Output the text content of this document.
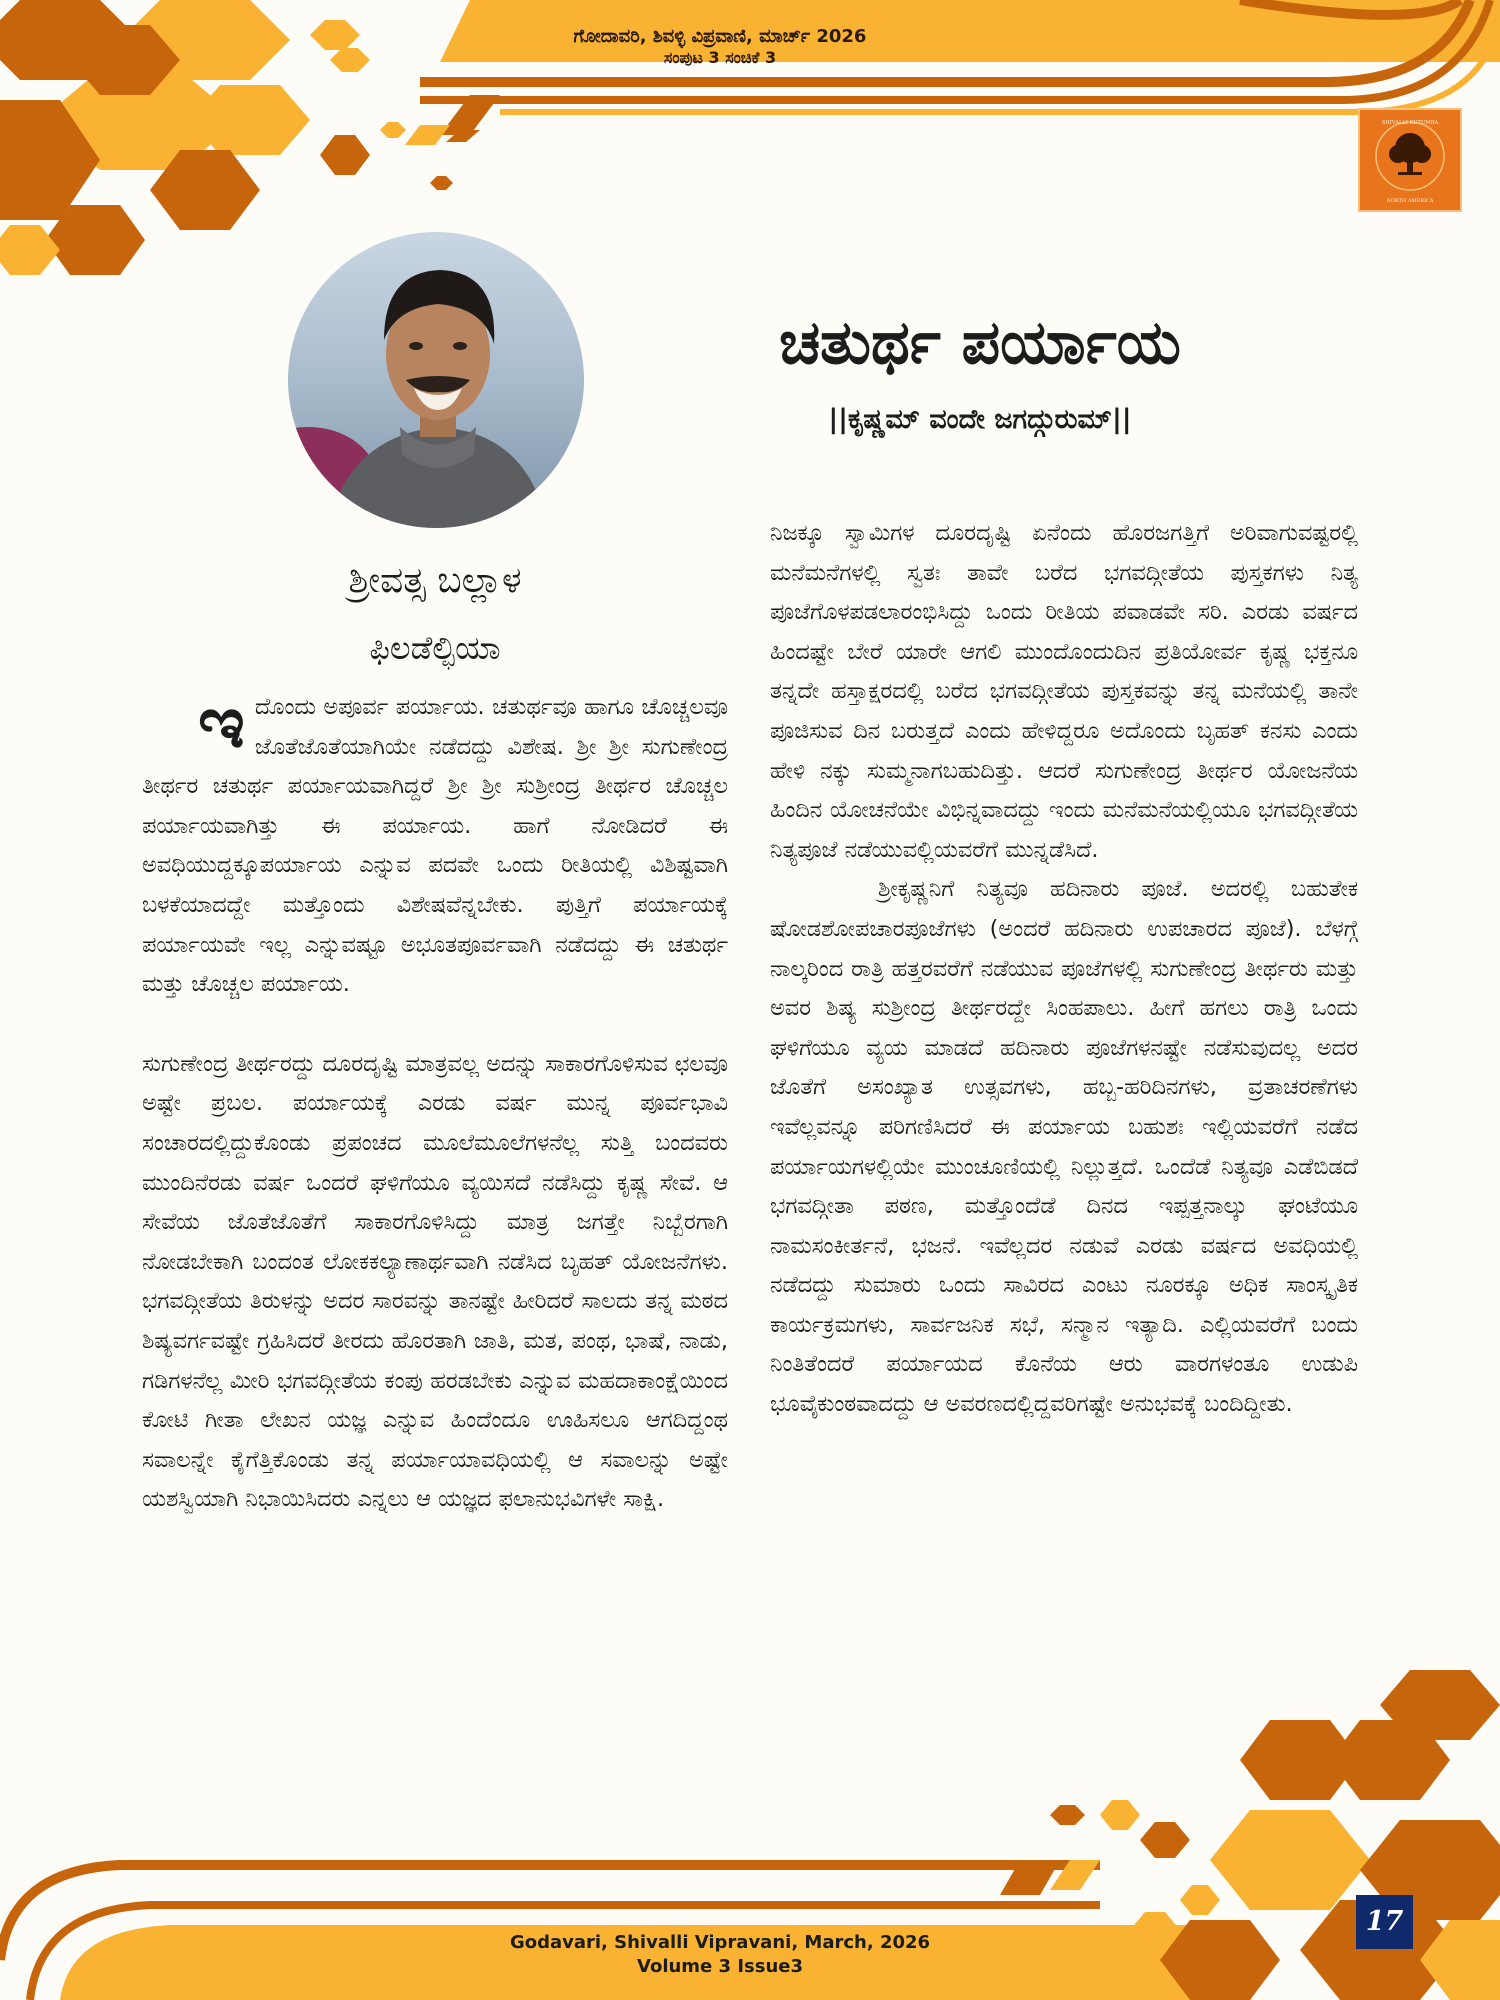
ಗೋದಾವರಿ, ಶಿವಳ್ಳಿ ವಿಪ್ರವಾಣಿ, ಮಾರ್ಚ್ 2026
ಸಂಪುಟ 3 ಸಂಚಿಕೆ 3
NORTH AMERICA
SHIVALLI KUTUMBA
ಚತುರ್ಥ ಪರ್ಯಾಯ
||ಕೃಷ್ಣಮ್ ವಂದೇ ಜಗದ್ಗುರುಮ್||
ಶ್ರೀವತ್ಸ ಬಲ್ಲಾಳ
ಫಿಲಡೆಲ್ಫಿಯಾ

ಇದೊಂದು ಅಪೂರ್ವ ಪರ್ಯಾಯ. ಚತುರ್ಥವೂ ಹಾಗೂ ಚೊಚ್ಚಲವೂ ಜೊತೆಜೊತೆಯಾಗಿಯೇ ನಡೆದದ್ದು ವಿಶೇಷ. ಶ್ರೀ ಶ್ರೀ ಸುಗುಣೇಂದ್ರ ತೀರ್ಥರ ಚತುರ್ಥ ಪರ್ಯಾಯವಾಗಿದ್ದರೆ ಶ್ರೀ ಶ್ರೀ ಸುಶ್ರೀಂದ್ರ ತೀರ್ಥರ ಚೊಚ್ಚಲ ಪರ್ಯಾಯವಾಗಿತ್ತು ಈ ಪರ್ಯಾಯ. ಹಾಗೆ ನೋಡಿದರೆ ಈ ಅವಧಿಯುದ್ದಕ್ಕೂಪರ್ಯಾಯ ಎನ್ನುವ ಪದವೇ ಒಂದು ರೀತಿಯಲ್ಲಿ ವಿಶಿಷ್ಟವಾಗಿ ಬಳಕೆಯಾದದ್ದೇ ಮತ್ತೊಂದು ವಿಶೇಷವೆನ್ನಬೇಕು. ಪುತ್ತಿಗೆ ಪರ್ಯಾಯಕ್ಕೆ ಪರ್ಯಾಯವೇ ಇಲ್ಲ ಎನ್ನುವಷ್ಟೂ ಅಭೂತಪೂರ್ವವಾಗಿ ನಡೆದದ್ದು ಈ ಚತುರ್ಥ ಮತ್ತು ಚೊಚ್ಚಲ ಪರ್ಯಾಯ.

ಸುಗುಣೇಂದ್ರ ತೀರ್ಥರದ್ದು ದೂರದೃಷ್ಟಿ ಮಾತ್ರವಲ್ಲ ಅದನ್ನು ಸಾಕಾರಗೊಳಿಸುವ ಛಲವೂ ಅಷ್ಟೇ ಪ್ರಬಲ. ಪರ್ಯಾಯಕ್ಕೆ ಎರಡು ವರ್ಷ ಮುನ್ನ ಪೂರ್ವಭಾವಿ ಸಂಚಾರದಲ್ಲಿದ್ದುಕೊಂಡು ಪ್ರಪಂಚದ ಮೂಲೆಮೂಲೆಗಳನೆಲ್ಲ ಸುತ್ತಿ ಬಂದವರು ಮುಂದಿನೆರಡು ವರ್ಷ ಒಂದರೆ ಘಳಿಗೆಯೂ ವ್ಯಯಿಸದೆ ನಡೆಸಿದ್ದು ಕೃಷ್ಣ ಸೇವೆ. ಆ ಸೇವೆಯ ಜೊತೆಜೊತೆಗೆ ಸಾಕಾರಗೊಳಿಸಿದ್ದು ಮಾತ್ರ ಜಗತ್ತೇ ನಿಬ್ಬೆರಗಾಗಿ ನೋಡಬೇಕಾಗಿ ಬಂದಂತ ಲೋಕಕಲ್ಯಾಣಾರ್ಥವಾಗಿ ನಡೆಸಿದ ಬೃಹತ್ ಯೋಜನೆಗಳು. ಭಗವದ್ಗೀತೆಯ ತಿರುಳನ್ನು ಅದರ ಸಾರವನ್ನು ತಾನಷ್ಟೇ ಹೀರಿದರೆ ಸಾಲದು ತನ್ನ ಮಠದ ಶಿಷ್ಯವರ್ಗವಷ್ಟೇ ಗ್ರಹಿಸಿದರೆ ತೀರದು ಹೊರತಾಗಿ ಜಾತಿ, ಮತ, ಪಂಥ, ಭಾಷೆ, ನಾಡು, ಗಡಿಗಳನೆಲ್ಲ ಮೀರಿ ಭಗವದ್ಗೀತೆಯ ಕಂಪು ಹರಡಬೇಕು ಎನ್ನುವ ಮಹದಾಕಾಂಕ್ಷೆಯಿಂದ ಕೋಟಿ ಗೀತಾ ಲೇಖನ ಯಜ್ಞ ಎನ್ನುವ ಹಿಂದೆಂದೂ ಊಹಿಸಲೂ ಆಗದಿದ್ದಂಥ ಸವಾಲನ್ನೇ ಕೈಗೆತ್ತಿಕೊಂಡು ತನ್ನ ಪರ್ಯಾಯಾವಧಿಯಲ್ಲಿ ಆ ಸವಾಲನ್ನು ಅಷ್ಟೇ ಯಶಸ್ವಿಯಾಗಿ ನಿಭಾಯಿಸಿದರು ಎನ್ನಲು ಆ ಯಜ್ಞದ ಫಲಾನುಭವಿಗಳೇ ಸಾಕ್ಷಿ.

ನಿಜಕ್ಕೂ ಸ್ವಾಮಿಗಳ ದೂರದೃಷ್ಟಿ ಏನೆಂದು ಹೊರಜಗತ್ತಿಗೆ ಅರಿವಾಗುವಷ್ಟರಲ್ಲಿ ಮನೆಮನೆಗಳಲ್ಲಿ ಸ್ವತಃ ತಾವೇ ಬರೆದ ಭಗವದ್ಗೀತೆಯ ಪುಸ್ತಕಗಳು ನಿತ್ಯ ಪೂಜೆಗೊಳಪಡಲಾರಂಭಿಸಿದ್ದು ಒಂದು ರೀತಿಯ ಪವಾಡವೇ ಸರಿ. ಎರಡು ವರ್ಷದ ಹಿಂದಷ್ಟೇ ಬೇರೆ ಯಾರೇ ಆಗಲಿ ಮುಂದೊಂದುದಿನ ಪ್ರತಿಯೋರ್ವ ಕೃಷ್ಣ ಭಕ್ತನೂ ತನ್ನದೇ ಹಸ್ತಾಕ್ಷರದಲ್ಲಿ ಬರೆದ ಭಗವದ್ಗೀತೆಯ ಪುಸ್ತಕವನ್ನು ತನ್ನ ಮನೆಯಲ್ಲಿ ತಾನೇ ಪೂಜಿಸುವ ದಿನ ಬರುತ್ತದೆ ಎಂದು ಹೇಳಿದ್ದರೂ ಅದೊಂದು ಬೃಹತ್ ಕನಸು ಎಂದು ಹೇಳಿ ನಕ್ಕು ಸುಮ್ಮನಾಗಬಹುದಿತ್ತು. ಆದರೆ ಸುಗುಣೇಂದ್ರ ತೀರ್ಥರ ಯೋಜನೆಯ ಹಿಂದಿನ ಯೋಚನೆಯೇ ವಿಭಿನ್ನವಾದದ್ದು ಇಂದು ಮನೆಮನೆಯಲ್ಲಿಯೂ ಭಗವದ್ಗೀತೆಯ ನಿತ್ಯಪೂಜೆ ನಡೆಯುವಲ್ಲಿಯವರೆಗೆ ಮುನ್ನಡೆಸಿದೆ.

ಶ್ರೀಕೃಷ್ಣನಿಗೆ ನಿತ್ಯವೂ ಹದಿನಾರು ಪೂಜೆ. ಅದರಲ್ಲಿ ಬಹುತೇಕ ಷೋಡಶೋಪಚಾರಪೂಜೆಗಳು (ಅಂದರೆ ಹದಿನಾರು ಉಪಚಾರದ ಪೂಜೆ). ಬೆಳಗ್ಗೆ ನಾಲ್ಕರಿಂದ ರಾತ್ರಿ ಹತ್ತರವರೆಗೆ ನಡೆಯುವ ಪೂಜೆಗಳಲ್ಲಿ ಸುಗುಣೇಂದ್ರ ತೀರ್ಥರು ಮತ್ತು ಅವರ ಶಿಷ್ಯ ಸುಶ್ರೀಂದ್ರ ತೀರ್ಥರದ್ದೇ ಸಿಂಹಪಾಲು. ಹೀಗೆ ಹಗಲು ರಾತ್ರಿ ಒಂದು ಘಳಿಗೆಯೂ ವ್ಯಯ ಮಾಡದೆ ಹದಿನಾರು ಪೂಜೆಗಳನಷ್ಟೇ ನಡೆಸುವುದಲ್ಲ ಅದರ ಜೊತೆಗೆ ಅಸಂಖ್ಯಾತ ಉತ್ಸವಗಳು, ಹಬ್ಬ-ಹರಿದಿನಗಳು, ವ್ರತಾಚರಣೆಗಳು ಇವೆಲ್ಲವನ್ನೂ ಪರಿಗಣಿಸಿದರೆ ಈ ಪರ್ಯಾಯ ಬಹುಶಃ ಇಲ್ಲಿಯವರೆಗೆ ನಡೆದ ಪರ್ಯಾಯಗಳಲ್ಲಿಯೇ ಮುಂಚೂಣಿಯಲ್ಲಿ ನಿಲ್ಲುತ್ತದೆ. ಒಂದೆಡೆ ನಿತ್ಯವೂ ಎಡೆಬಿಡದೆ ಭಗವದ್ಗೀತಾ ಪಠಣ, ಮತ್ತೊಂದೆಡೆ ದಿನದ ಇಪ್ಪತ್ತನಾಲ್ಕು ಘಂಟೆಯೂ ನಾಮಸಂಕೀರ್ತನೆ, ಭಜನೆ. ಇವೆಲ್ಲದರ ನಡುವೆ ಎರಡು ವರ್ಷದ ಅವಧಿಯಲ್ಲಿ ನಡೆದದ್ದು ಸುಮಾರು ಒಂದು ಸಾವಿರದ ಎಂಟು ನೂರಕ್ಕೂ ಅಧಿಕ ಸಾಂಸ್ಕೃತಿಕ ಕಾರ್ಯಕ್ರಮಗಳು, ಸಾರ್ವಜನಿಕ ಸಭೆ, ಸನ್ಮಾನ ಇತ್ಯಾದಿ. ಎಲ್ಲಿಯವರೆಗೆ ಬಂದು ನಿಂತಿತೆಂದರೆ ಪರ್ಯಾಯದ ಕೊನೆಯ ಆರು ವಾರಗಳಂತೂ ಉಡುಪಿ ಭೂವೈಕುಂಠವಾದದ್ದು ಆ ಅವರಣದಲ್ಲಿದ್ದವರಿಗಷ್ಟೇ ಅನುಭವಕ್ಕೆ ಬಂದಿದ್ದೀತು.

Godavari, Shivalli Vipravani, March, 2026
Volume 3 Issue3
17
